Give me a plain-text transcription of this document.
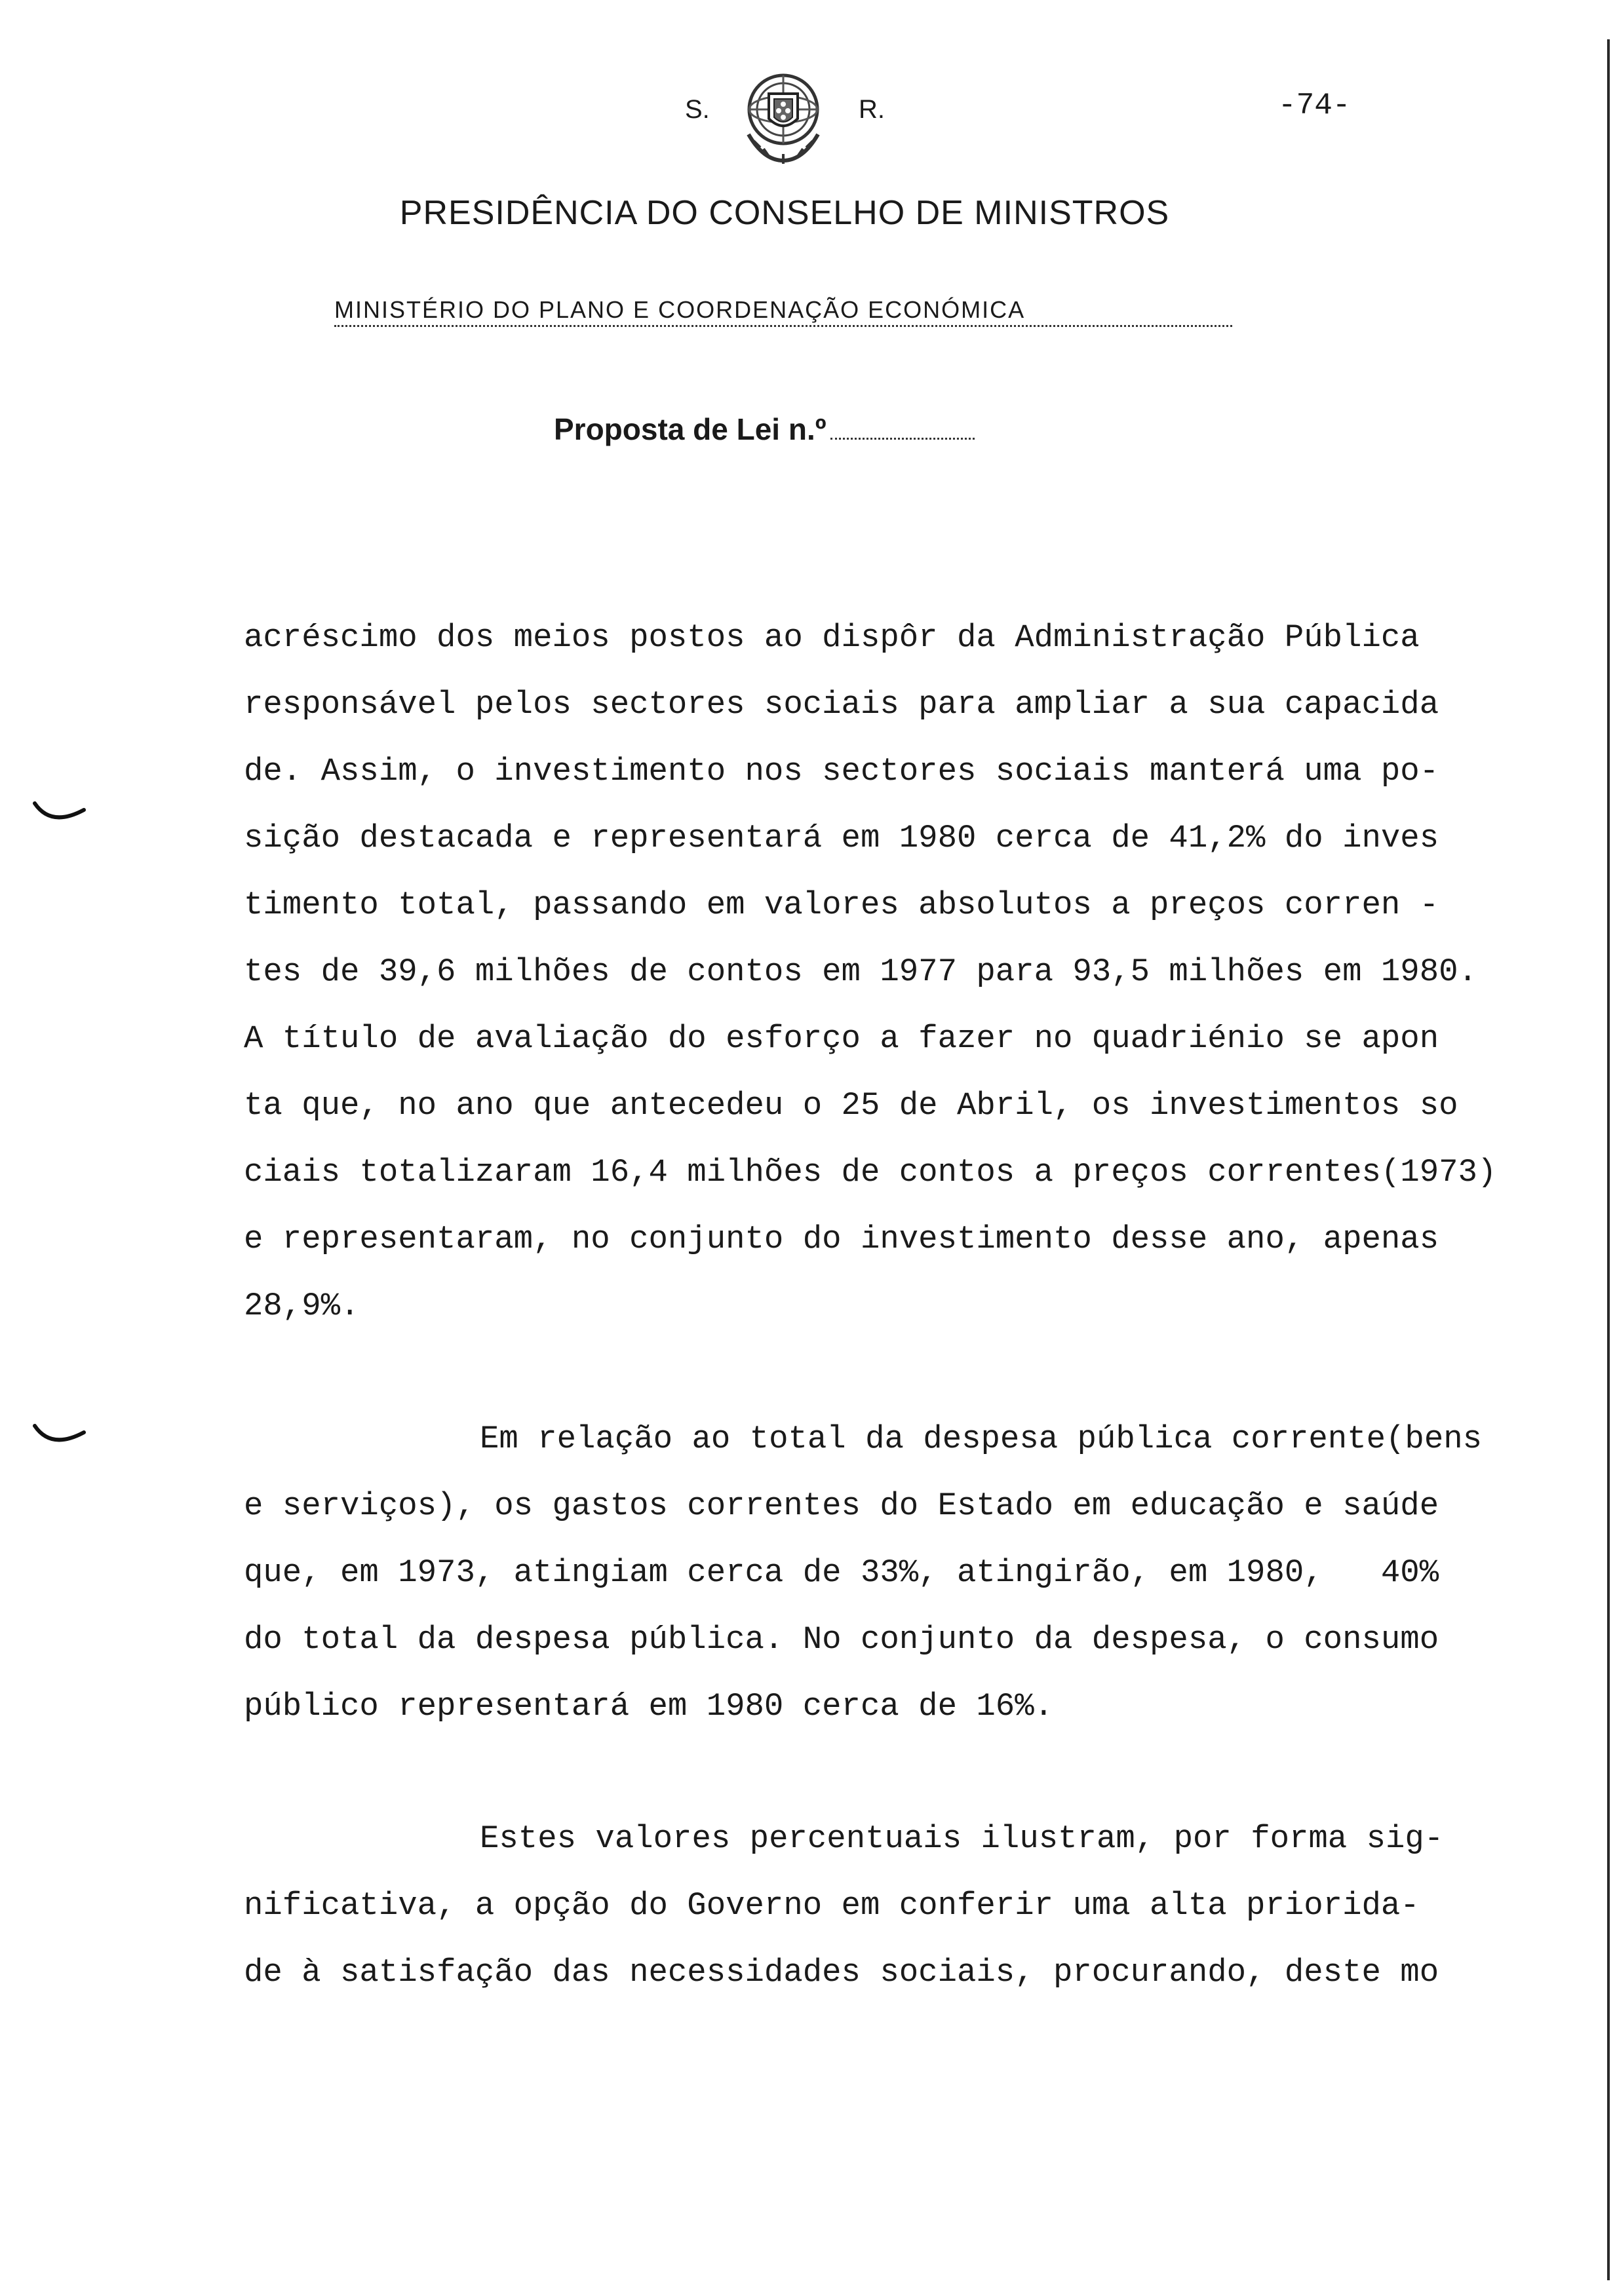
S.	R.	-74-
PRESIDÊNCIA DO CONSELHO DE MINISTROS
MINISTÉRIO DO PLANO E COORDENAÇÃO ECONÓMICA
Proposta de Lei n.º
acréscimo dos meios postos ao dispôr da Administração Pública
responsável pelos sectores sociais para ampliar a sua capacida
de. Assim, o investimento nos sectores sociais manterá uma po-
sição destacada e representará em 1980 cerca de 41,2% do inves
timento total, passando em valores absolutos a preços corren -
tes de 39,6 milhões de contos em 1977 para 93,5 milhões em 1980.
A título de avaliação do esforço a fazer no quadriénio se apon
ta que, no ano que antecedeu o 25 de Abril, os investimentos so
ciais totalizaram 16,4 milhões de contos a preços correntes(1973)
e representaram, no conjunto do investimento desse ano, apenas
28,9%.
Em relação ao total da despesa pública corrente(bens
e serviços), os gastos correntes do Estado em educação e saúde
que, em 1973, atingiam cerca de 33%, atingirão, em 1980,   40%
do total da despesa pública. No conjunto da despesa, o consumo
público representará em 1980 cerca de 16%.
Estes valores percentuais ilustram, por forma sig-
nificativa, a opção do Governo em conferir uma alta priorida-
de à satisfação das necessidades sociais, procurando, deste mo
